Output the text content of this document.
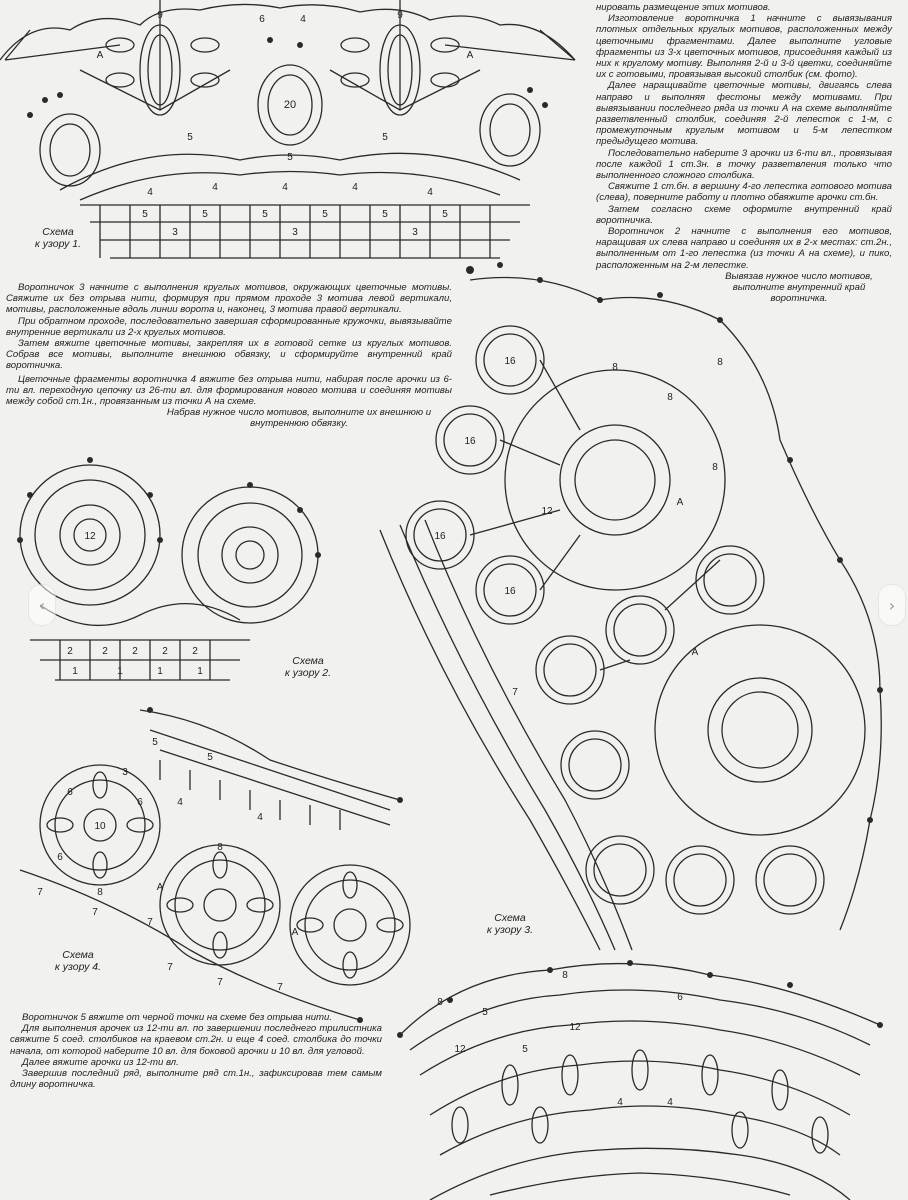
9	6	4	9
A	A
20
5
5
5
4	4	4	4	4
5	5	5	5	5	5
3	3	3
Схема
к узору 1.

нировать размещение этих мотивов.

Изготовление воротничка 1 начните с вывязывания плотных отдельных круглых мотивов, расположенных между цветочными фрагментами. Далее выполните угловые фрагменты из 3-х цветочных мотивов, присоединяя каждый из них к круглому мотиву. Выполняя 2-й и 3-й цветки, соединяйте их с готовыми, провязывая высокий столбик (см. фото).

Далее наращивайте цветочные мотивы, двигаясь слева направо и выполняя фестоны между мотивами. При вывязывании последнего ряда из точки А на схеме выполняйте разветвленный столбик, соединяя 2-й лепесток с 1-м, с промежуточным круглым мотивом и 5-м лепестком предыдущего мотива.

Последовательно наберите 3 арочки из 6-ти вл., провязывая после каждой 1 ст.3н. в точку разветвления только что выполненного сложного столбика.

Свяжите 1 ст.бн. в вершину 4-го лепестка готового мотива (слева), поверните работу и плотно обвяжите арочки ст.бн.

Затем согласно схеме оформите внутренний край воротничка.

Воротничок 2 начните с выполнения его мотивов, наращивая их слева направо и соединяя их в 2-х местах: ст.2н., выполненным от 1-го лепестка (из точки А на схеме), и пико, расположенным на 2-м лепестке.

Вывязав нужное число мотивов, выполните внутренний край воротничка.

Воротничок 3 начните с выполнения круглых мотивов, окружающих цветочные мотивы. Свяжите их без отрыва нити, формируя при прямом проходе 3 мотива левой вертикали, мотивы, расположенные вдоль линии ворота и, наконец, 3 мотива правой вертикали.

При обратном проходе, последовательно завершая сформированные кружочки, вывязывайте внутренние вертикали из 2-х круглых мотивов.

Затем вяжите цветочные мотивы, закрепляя их в готовой сетке из круглых мотивов. Собрав все мотивы, выполните внешнюю обвязку, и сформируйте внутренний край воротничка.

Цветочные фрагменты воротничка 4 вяжите без отрыва нити, набирая после арочки из 6-ти вл. переходную цепочку из 26-ти вл. для формирования нового мотива и соединяя мотивы между собой ст.1н., провязанным из точки А на схеме.

Набрав нужное число мотивов, выполните их внешнюю и внутреннюю обвязку.

12
2	2 2 2 2
1	1	1	1
Схема
к узору 2.
16
16
16
16
8
8
8
8
12
A
A
7
Схема
к узору 3.
10
3
6
6
6
7
7
7
7	7
7
5
5
4
4
A
A
8
8
Схема
к узору 4.

Воротничок 5 вяжите от черной точки на схеме без отрыва нити.

Для выполнения арочек из 12-ти вл. по завершении последнего трилистника свяжите 5 соед. столбиков на краевом ст.2н. и еще 4 соед. столбика до точки начала, от которой наберите 10 вл. для боковой арочки и 10 вл. для угловой.

Далее вяжите арочки из 12-ти вл.

Завершив последний ряд, выполните ряд ст.1н., зафиксировав тем самым длину воротничка.

8
8
5
12
12	5
6
4	4
‹	›
